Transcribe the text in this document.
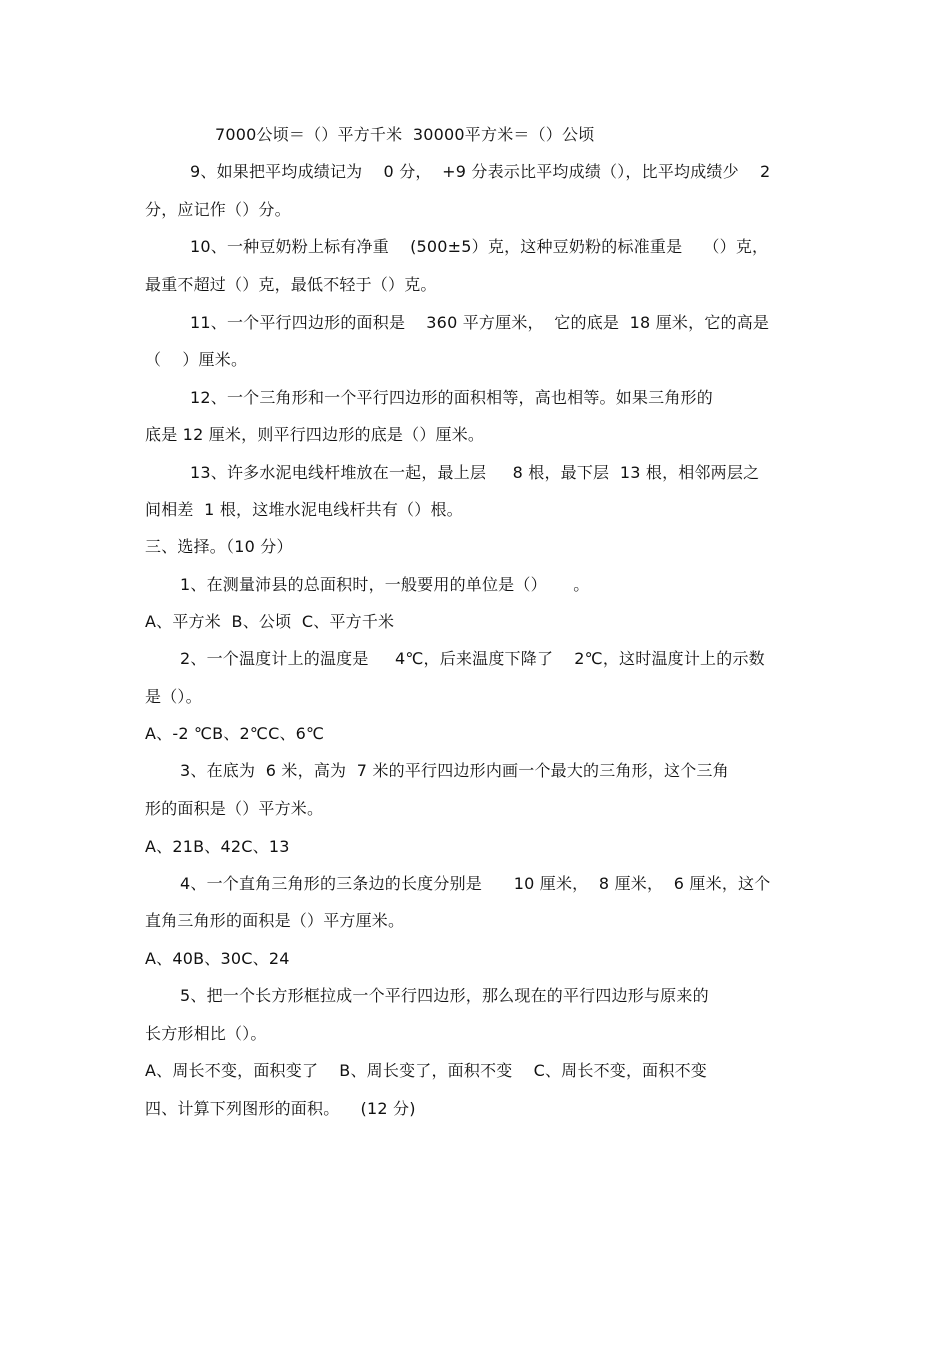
7000公顷＝（）平方千米  30000平方米＝（）公顷
9、如果把平均成绩记为    0 分，  +9 分表示比平均成绩（），比平均成绩少    2
分，应记作（）分。
10、一种豆奶粉上标有净重    (500±5）克，这种豆奶粉的标准重是    （）克，
最重不超过（）克，最低不轻于（）克。
11、一个平行四边形的面积是    360 平方厘米，  它的底是  18 厘米，它的高是
（    ）厘米。
12、一个三角形和一个平行四边形的面积相等，高也相等。如果三角形的
底是 12 厘米，则平行四边形的底是（）厘米。
13、许多水泥电线杆堆放在一起，最上层     8 根，最下层  13 根，相邻两层之
间相差  1 根，这堆水泥电线杆共有（）根。
三、选择。（10 分）
1、在测量沛县的总面积时，一般要用的单位是（）     。
A、平方米  B、公顷  C、平方千米
2、一个温度计上的温度是     4℃，后来温度下降了    2℃，这时温度计上的示数
是（）。
A、-2 ℃B、2℃C、6℃
3、在底为  6 米，高为  7 米的平行四边形内画一个最大的三角形，这个三角
形的面积是（）平方米。
A、21B、42C、13
4、一个直角三角形的三条边的长度分别是      10 厘米，  8 厘米，  6 厘米，这个
直角三角形的面积是（）平方厘米。
A、40B、30C、24
5、把一个长方形框拉成一个平行四边形，那么现在的平行四边形与原来的
长方形相比（）。
A、周长不变，面积变了    B、周长变了，面积不变    C、周长不变，面积不变
四、计算下列图形的面积。    (12 分)
